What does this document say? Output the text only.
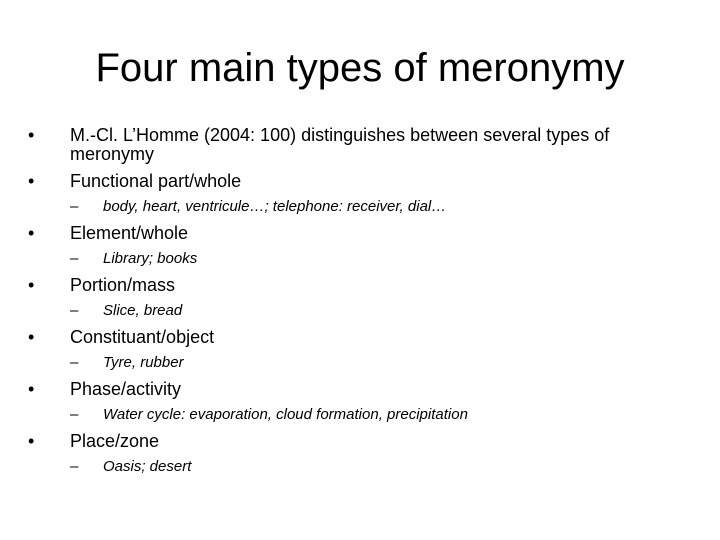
Four main types of meronymy
•	M.-Cl. L’Homme (2004: 100) distinguishes between several types of meronymy
•	Functional part/whole
– body, heart, ventricule…; telephone: receiver, dial…
•	Element/whole
– Library; books
•	Portion/mass
– Slice, bread
•	Constituant/object
– Tyre, rubber
•	Phase/activity
– Water cycle: evaporation, cloud formation, precipitation
•	Place/zone
– Oasis; desert
